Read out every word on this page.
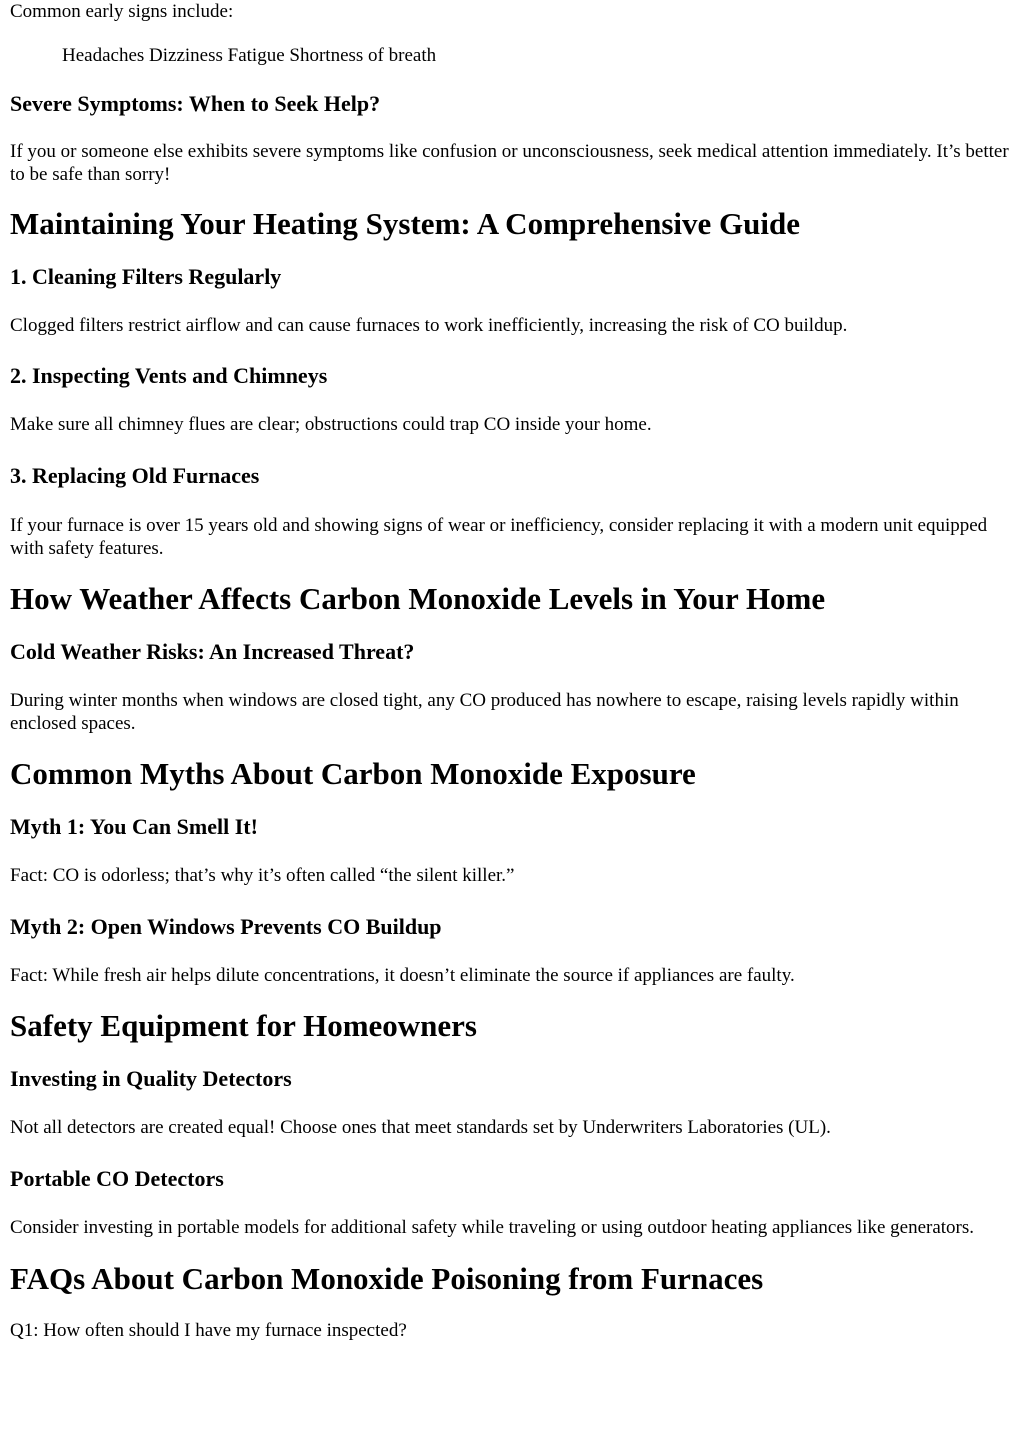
Common early signs include:

Headaches Dizziness Fatigue Shortness of breath

Severe Symptoms: When to Seek Help?

If you or someone else exhibits severe symptoms like confusion or unconsciousness, seek medical attention immediately. It’s better to be safe than sorry!

Maintaining Your Heating System: A Comprehensive Guide
1. Cleaning Filters Regularly

Clogged filters restrict airflow and can cause furnaces to work inefficiently, increasing the risk of CO buildup.

2. Inspecting Vents and Chimneys

Make sure all chimney flues are clear; obstructions could trap CO inside your home.

3. Replacing Old Furnaces

If your furnace is over 15 years old and showing signs of wear or inefficiency, consider replacing it with a modern unit equipped with safety features.

How Weather Affects Carbon Monoxide Levels in Your Home
Cold Weather Risks: An Increased Threat?

During winter months when windows are closed tight, any CO produced has nowhere to escape, raising levels rapidly within enclosed spaces.

Common Myths About Carbon Monoxide Exposure
Myth 1: You Can Smell It!

Fact: CO is odorless; that’s why it’s often called “the silent killer.”

Myth 2: Open Windows Prevents CO Buildup

Fact: While fresh air helps dilute concentrations, it doesn’t eliminate the source if appliances are faulty.

Safety Equipment for Homeowners
Investing in Quality Detectors

Not all detectors are created equal! Choose ones that meet standards set by Underwriters Laboratories (UL).

Portable CO Detectors

Consider investing in portable models for additional safety while traveling or using outdoor heating appliances like generators.

FAQs About Carbon Monoxide Poisoning from Furnaces

Q1: How often should I have my furnace inspected?
